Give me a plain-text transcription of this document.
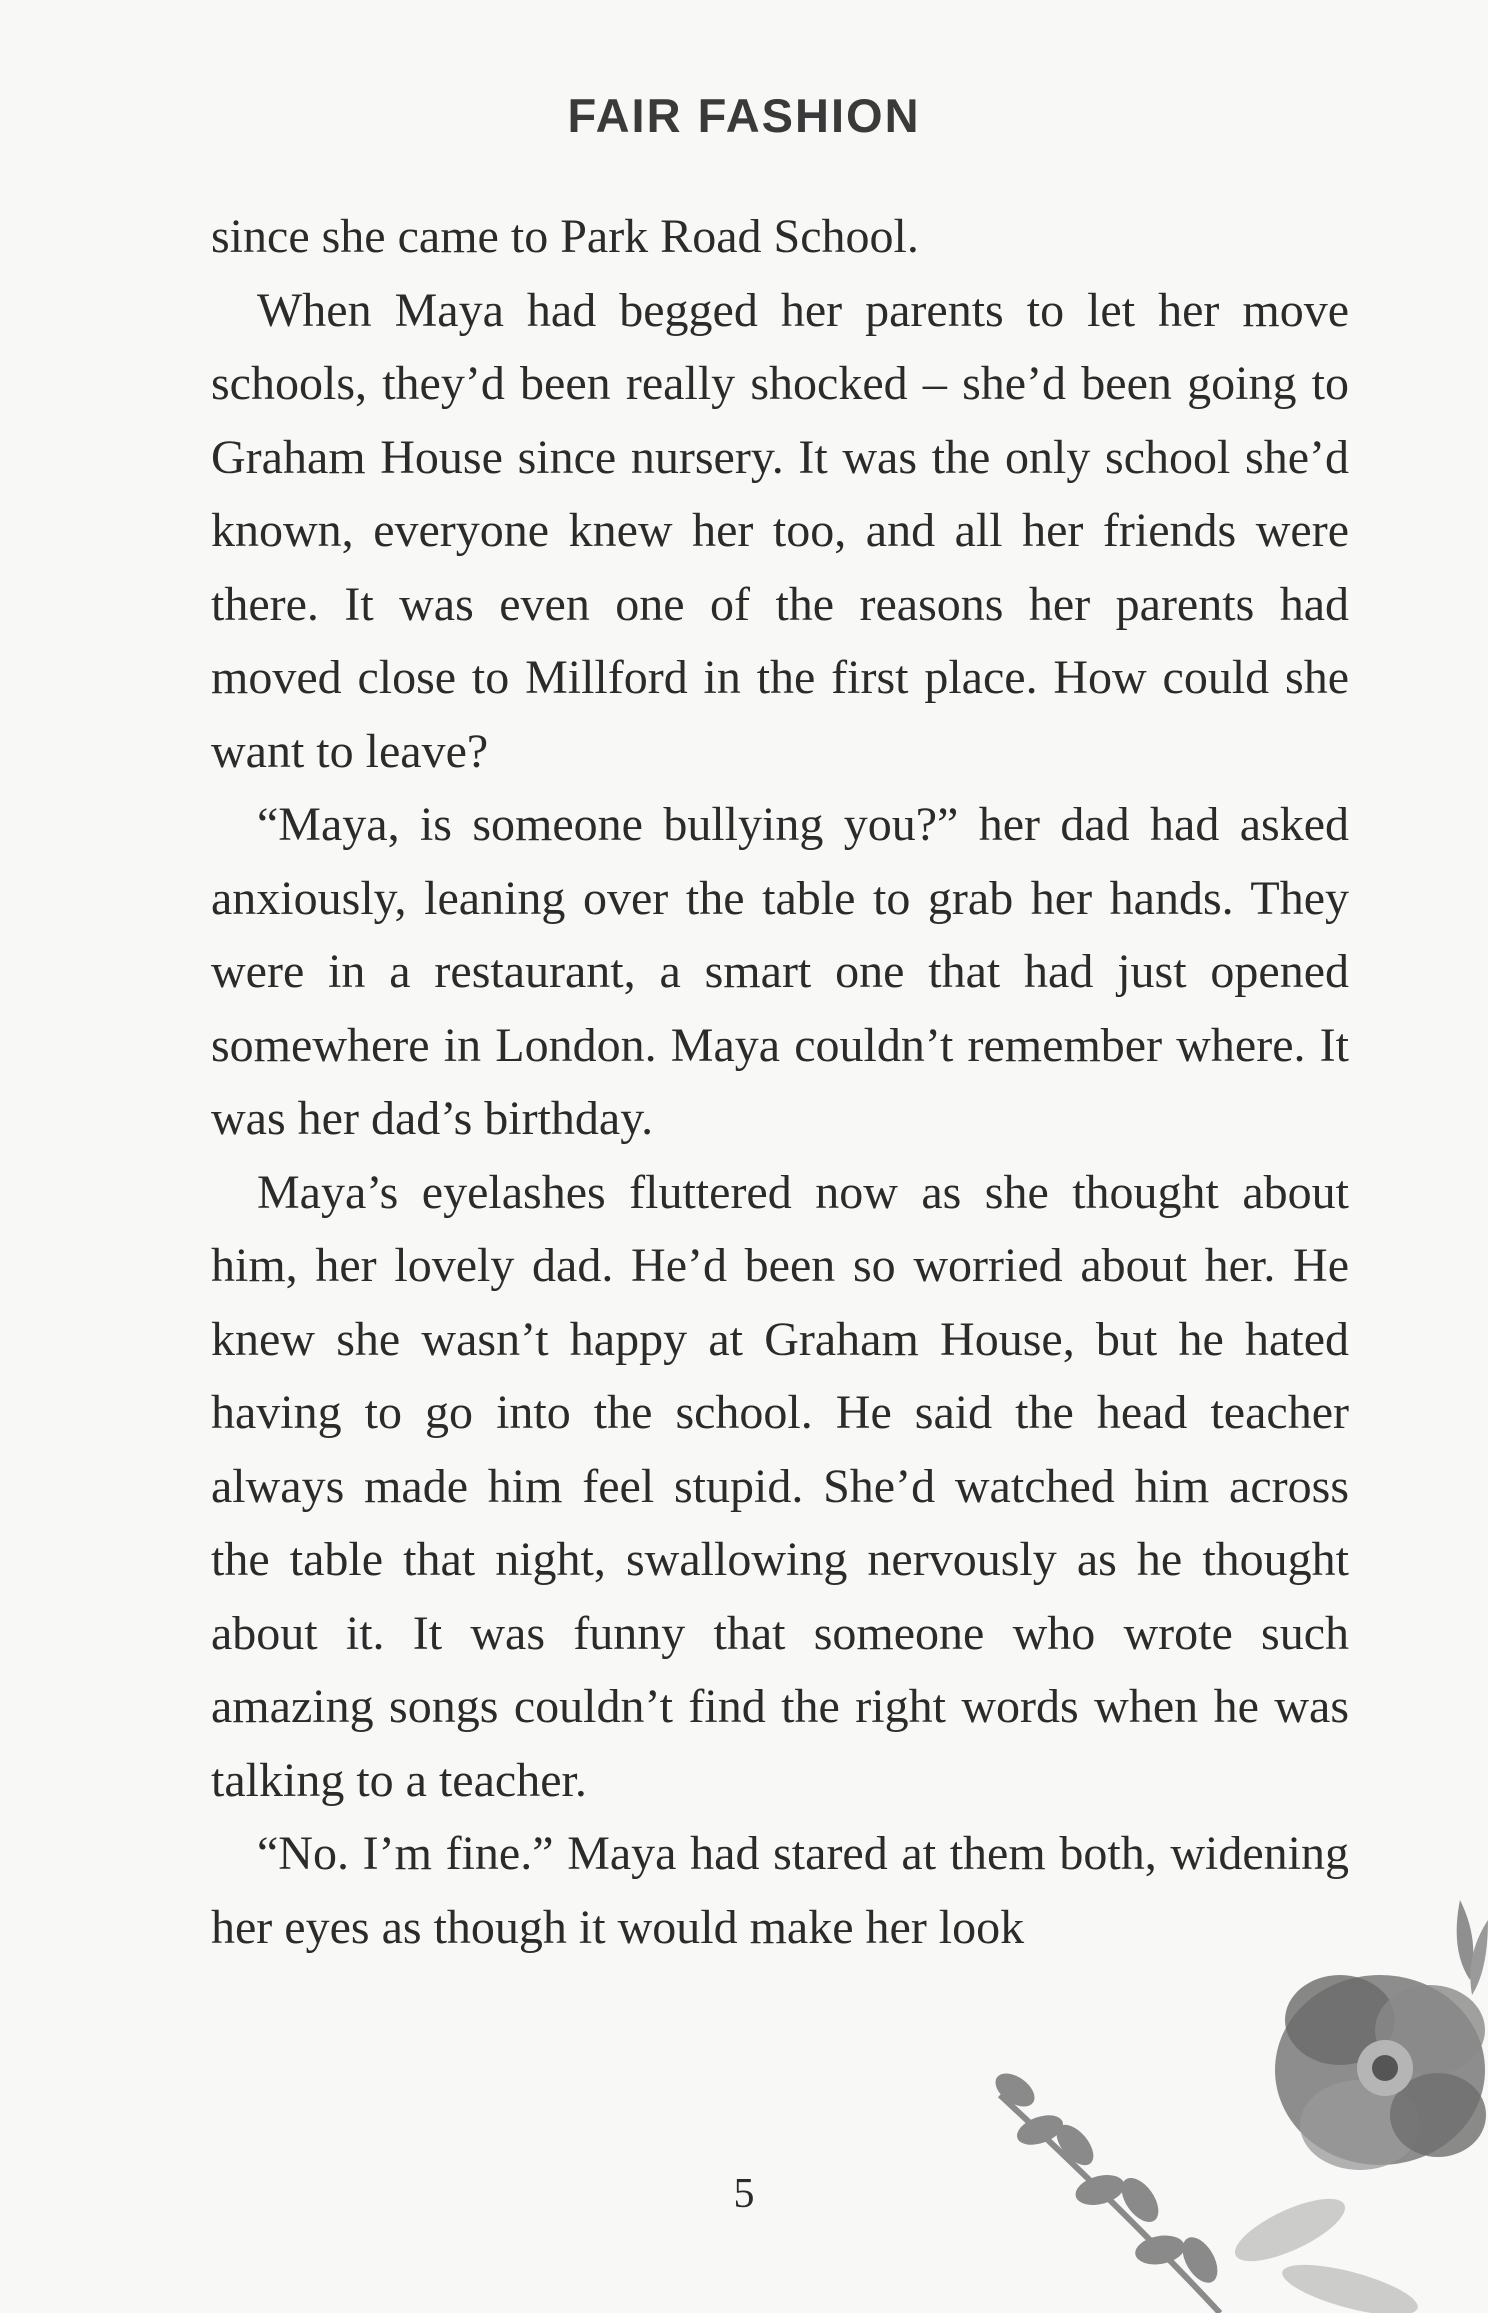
FAIR FASHION

since she came to Park Road School.

When Maya had begged her parents to let her move schools, they’d been really shocked – she’d been going to Graham House since nursery. It was the only school she’d known, everyone knew her too, and all her friends were there. It was even one of the reasons her parents had moved close to Millford in the first place. How could she want to leave?

“Maya, is someone bullying you?” her dad had asked anxiously, leaning over the table to grab her hands. They were in a restaurant, a smart one that had just opened somewhere in London. Maya couldn’t remember where. It was her dad’s birthday.

Maya’s eyelashes fluttered now as she thought about him, her lovely dad. He’d been so worried about her. He knew she wasn’t happy at Graham House, but he hated having to go into the school. He said the head teacher always made him feel stupid. She’d watched him across the table that night, swallowing nervously as he thought about it. It was funny that someone who wrote such amazing songs couldn’t find the right words when he was talking to a teacher.

“No. I’m fine.” Maya had stared at them both, widening her eyes as though it would make her look

5
